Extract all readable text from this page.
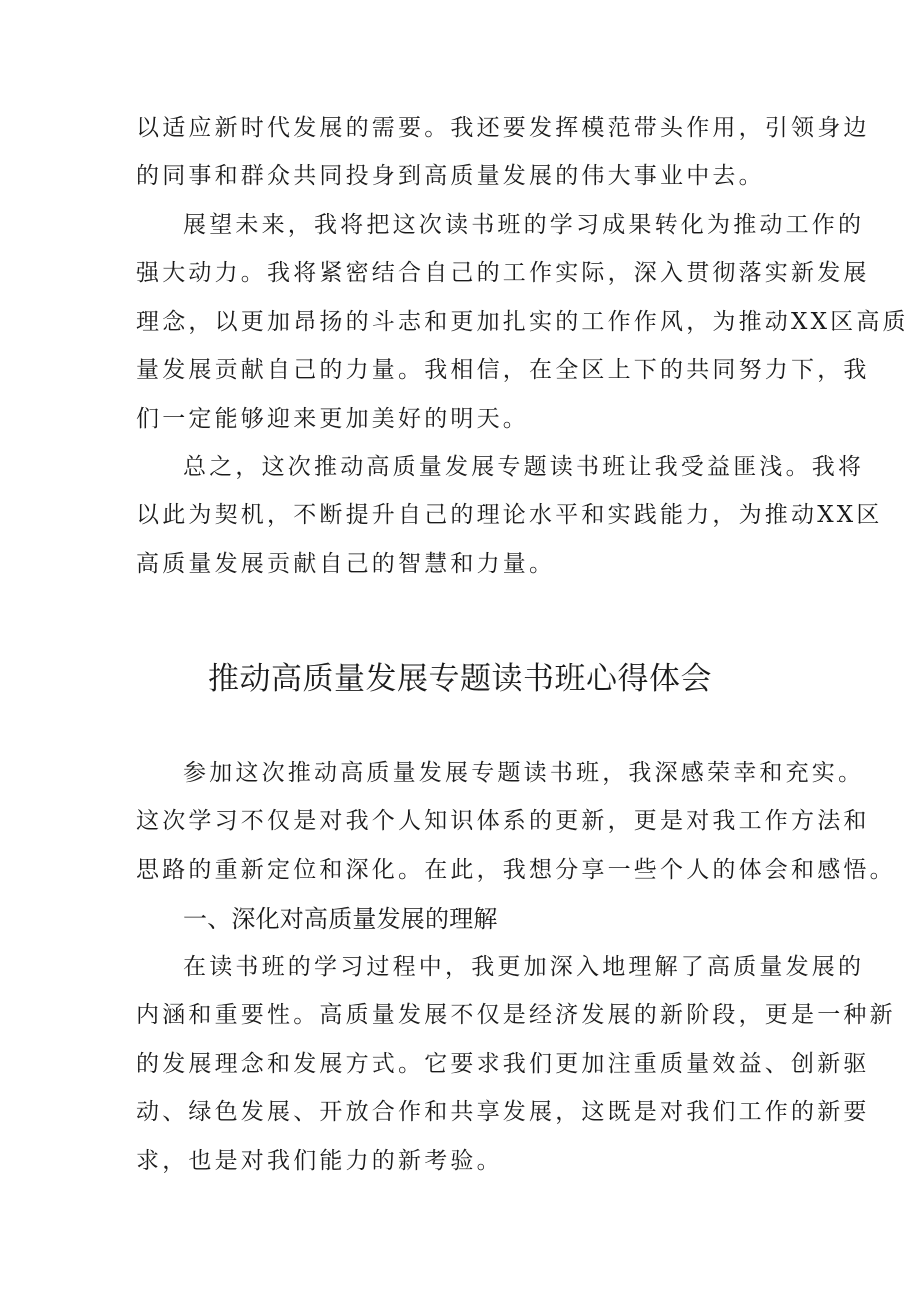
以适应新时代发展的需要。我还要发挥模范带头作用，引领身边

的同事和群众共同投身到高质量发展的伟大事业中去。

展望未来，我将把这次读书班的学习成果转化为推动工作的

强大动力。我将紧密结合自己的工作实际，深入贯彻落实新发展

理念，以更加昂扬的斗志和更加扎实的工作作风，为推动XX区高质

量发展贡献自己的力量。我相信，在全区上下的共同努力下，我

们一定能够迎来更加美好的明天。

总之，这次推动高质量发展专题读书班让我受益匪浅。我将

以此为契机，不断提升自己的理论水平和实践能力，为推动XX区

高质量发展贡献自己的智慧和力量。

推动高质量发展专题读书班心得体会

参加这次推动高质量发展专题读书班，我深感荣幸和充实。

这次学习不仅是对我个人知识体系的更新，更是对我工作方法和

思路的重新定位和深化。在此，我想分享一些个人的体会和感悟。

一、深化对高质量发展的理解

在读书班的学习过程中，我更加深入地理解了高质量发展的

内涵和重要性。高质量发展不仅是经济发展的新阶段，更是一种新

的发展理念和发展方式。它要求我们更加注重质量效益、创新驱

动、绿色发展、开放合作和共享发展，这既是对我们工作的新要

求，也是对我们能力的新考验。
